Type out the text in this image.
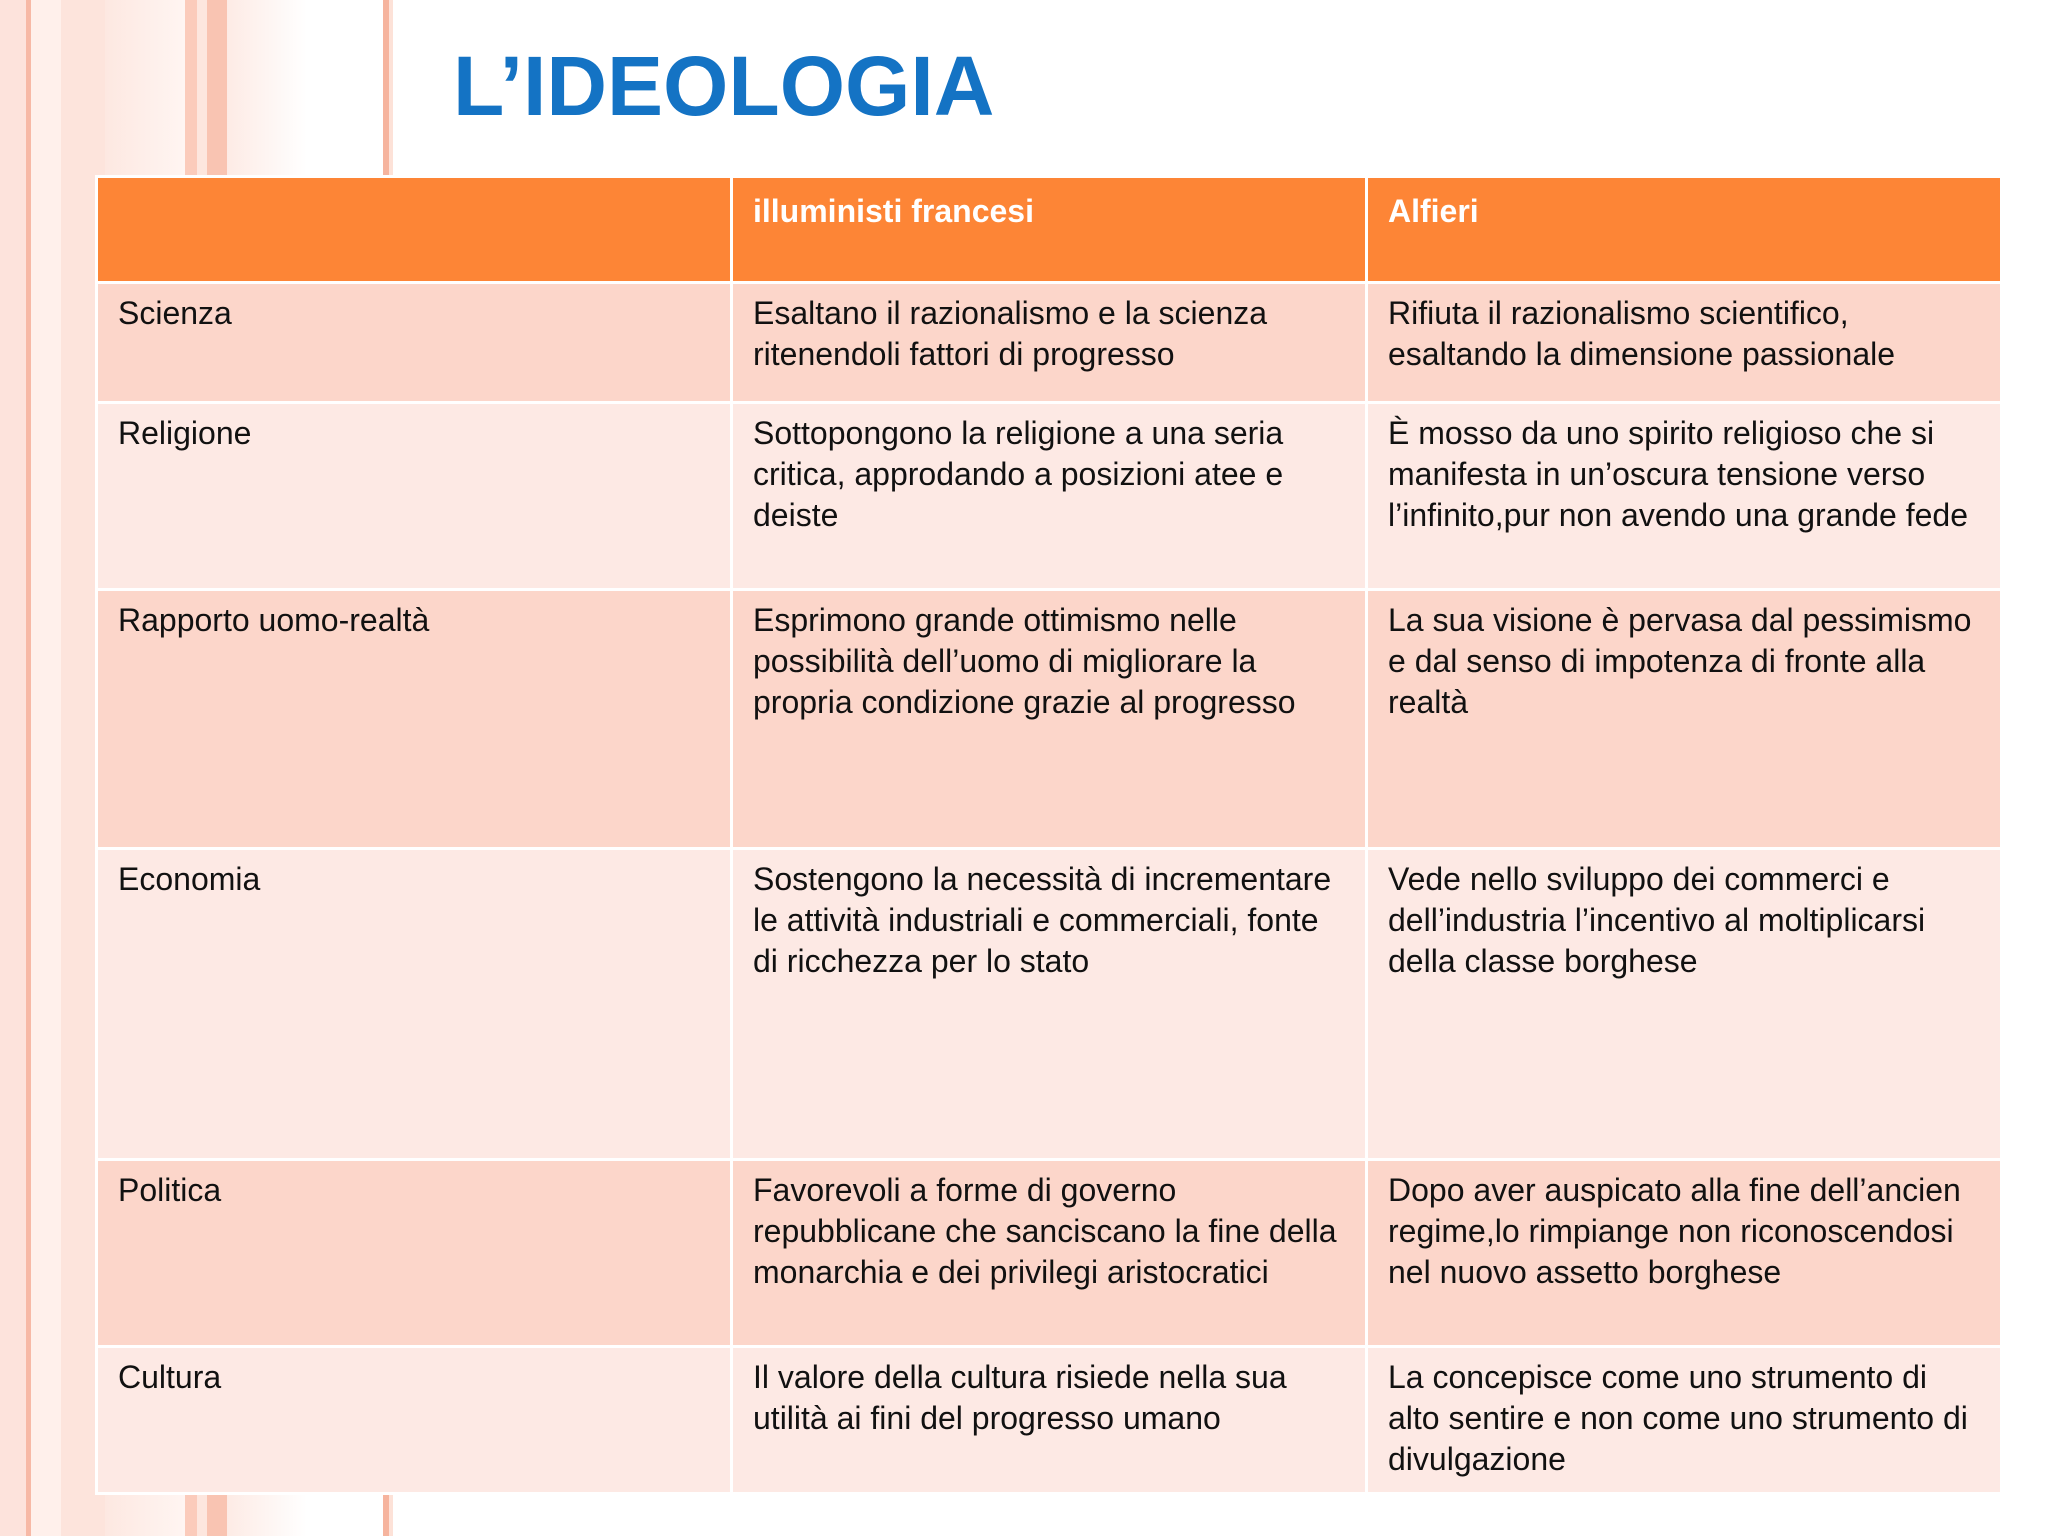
L’IDEOLOGIA
	illuministi francesi	Alfieri
Scienza	Esaltano il razionalismo e la scienza ritenendoli fattori di progresso	Rifiuta il razionalismo scientifico, esaltando la dimensione passionale
Religione	Sottopongono la religione a una seria critica, approdando a posizioni atee e deiste	È mosso da uno spirito religioso che si manifesta in un’oscura tensione verso l’infinito,pur non avendo una grande fede
Rapporto uomo-realtà	Esprimono grande ottimismo nelle possibilità dell’uomo di migliorare la propria condizione grazie al progresso	La sua visione è pervasa dal pessimismo e dal senso di impotenza di fronte alla realtà
Economia	Sostengono la necessità di incrementare le attività industriali e commerciali, fonte di ricchezza per lo stato	Vede nello sviluppo dei commerci e dell’industria l’incentivo al moltiplicarsi della classe borghese
Politica	Favorevoli a forme di governo repubblicane che sanciscano la fine della monarchia e dei privilegi aristocratici	Dopo aver auspicato alla fine dell’ancien regime,lo rimpiange non riconoscendosi nel nuovo assetto borghese
Cultura	Il valore della cultura risiede nella sua utilità ai fini del progresso umano	La concepisce come uno strumento di alto sentire e non come uno strumento di divulgazione
